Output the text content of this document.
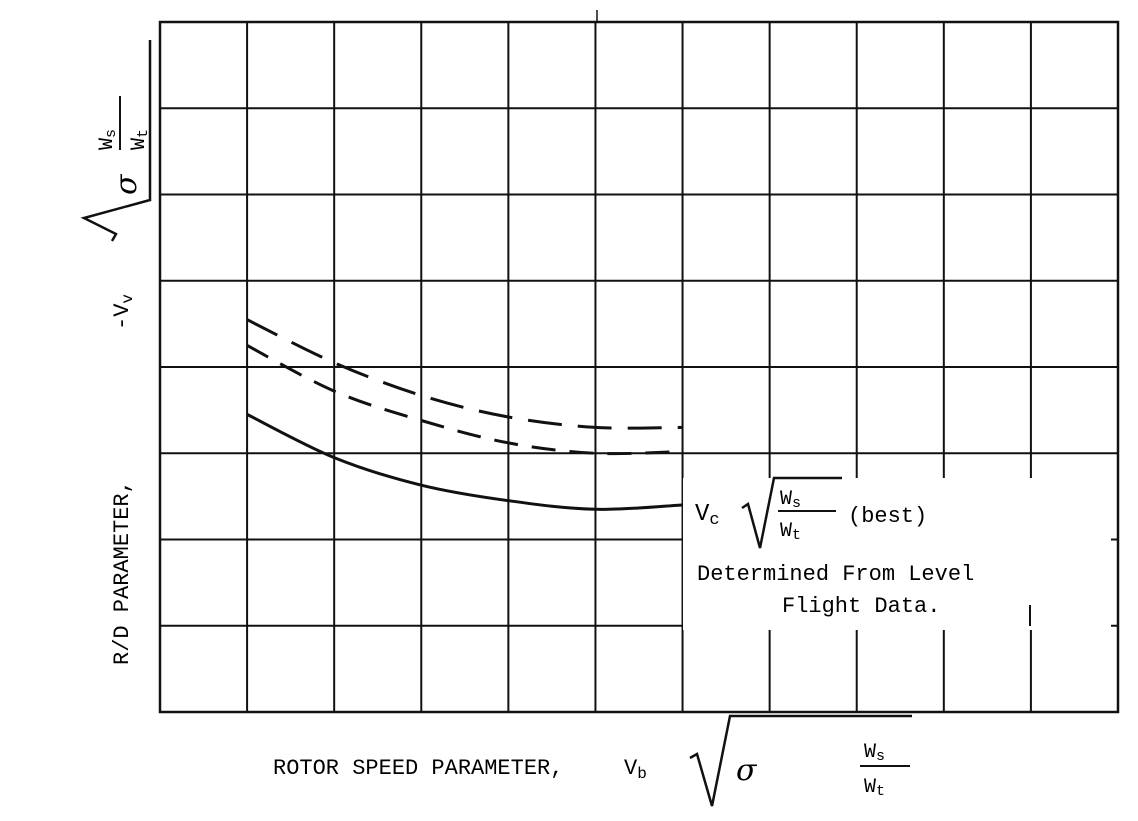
Vc
Ws
Wt
(best)
Determined From Level
Flight Data.
ROTOR SPEED PARAMETER,	Vb	σ
Ws
Wt
R/D PARAMETER,
-Vv
σ
Ws
Wt
